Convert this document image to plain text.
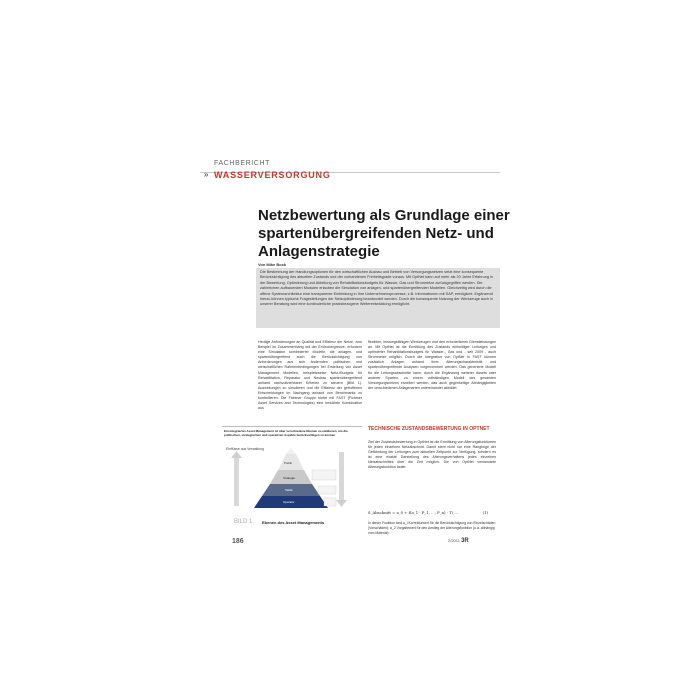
FACHBERICHT
» WASSERVERSORGUNG
Netzbewertung als Grundlage einer spartenübergreifenden Netz- und Anlagenstrategie
Von Mike Bock
Die Bestimmung der Handlungsoptionen für den wirtschaftlichen Ausbau und Betrieb von Versorgungsnetzen setzt eine konsequente Berücksichtigung des aktuellen Zustands und der vorhandenen Freiheitsgrade voraus. Mit OptNet kann auf mehr als 20 Jahre Erfahrung in der Bewertung, Optimierung und Ableitung von Rehabilitationsbudgets für Wasser, Gas und Stromnetze zurückgegriffen werden. Die zahlreichen aufbauenden Modulen erlauben die Simulation von anlagen- und spartenübergreifenden Modellen. Gleichzeitig wird durch die offene Systemarchitektur eine transparente Einbindung in Ihre Unternehmensprozesse, z.B. Informationen mit SAP, ermöglicht. Ergänzend hierzu können typische Fragestellungen der Netzoptimierung beantwortet werden. Durch die konsequente Nutzung der Werkzeuge auch in unserer Beratung wird eine kontinuierliche praxisbezogene Weiterentwicklung ermöglicht.
Heutige Anforderungen an Qualität und Effizienz der Netze, zum Beispiel im Zusammenhang mit der Erlösobergrenze, erfordern eine Simulation kombinierter Modelle, die anlagen- und spartenübergreifend auch die Berücksichtigung von Anforderungen aus sich ändernden politischen und wirtschaftlichen Rahmenbedingungen bei Erstellung von Asset Management Modellen, beispielsweise Netz-/Budgets für Rehabilitation, Reparatur und Neubau spartenübergreifend anhand nachvollziehbarer Kriterien zu steuern (Bild 1). Auswirkungen zu simulieren und die Effizienz der getroffenen Entscheidungen im Nachgang anhand von Benchmarks zu kontrollieren. Die Fichtner Gruppe bietet mit FAST (Fichtner Asset Services and Technologies) eine bewährte Kombination aus
flexiblen, leistungsfähigen Werkzeugen und den erforderlichen Dienstleistungen an. Mit OptNet ist die Ermittlung des Zustands einheitliger Leitungen und optimierter Rehabilitationsbudgets für Wasser-, Gas und - seit 2009 - auch Stromnetze möglich. Durch die Integration von OptNet in FAST können zusätzlich Anlagen anhand ihrer Alterungscharakteristik und spartenübergreifende Analysen vorgenommen werden. Das generierte Modell für die Leitungsabschnitte kann, durch die Ergänzung weiterer Assets oder anderer Sparten, zu einem vollständigen Modell des gesamten Versorgungsnetzes erweitert werden, das auch gegenseitige Abhängigkeiten der verschiedenen Anlagenarten untereinander abbildet.
Ein integriertes Asset Management ist über verschiedene Ebenen zu etablieren, um die politischen, strategischen und operativen Aspekte berücksichtigen zu können
Einflüsse aus Verwaltung
Politik
Strategie
Taktik
Operativ
BILD 1 Ebenen des Asset Managements
TECHNISCHE ZUSTANDSBEWERTUNG IN OPTNET
Ziel der Zustandsbewertung in OptNet ist die Ermittlung von Alterungsfunktionen für jeden einzelnen Netzabschnitt. Damit steht nicht nur eine Rangfolge der Gefährdung der Leitungen zum aktuellen Zeitpunkt zur Verfügung, sondern es ist eine exakte Darstellung des Alterungsverhaltens jedes einzelnen Netzabschnittes über die Zeit möglich. Die von OptNet verwendete Alterungsfunktion lautet
S_Abschnitt = a_0 + f(a_1 · P_1, ..., P_n) · T) ...	(1)
In dieser Funktion sind a_i Korrekturwert für die Berücksichtigung von Einzelschäden (Vorschäden); a_2 Vorgabewert für den Anstieg der Alterungsfunktion (u.a. abhängig vom Material)
186	2/2011 3R
